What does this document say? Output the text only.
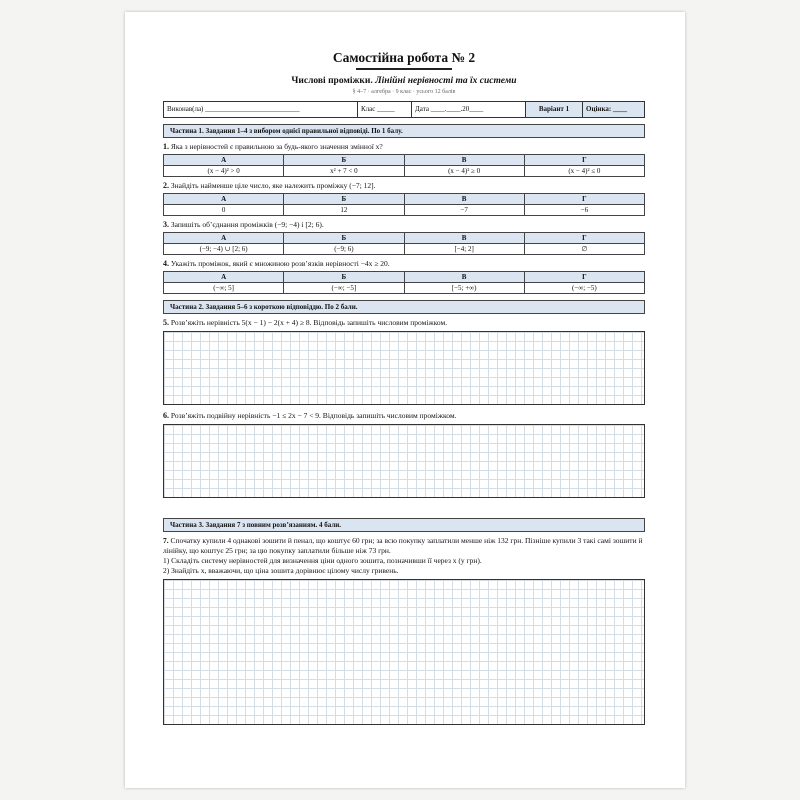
Самостійна робота № 2
Числові проміжки. Лінійні нерівності та їх системи
§ 4–7 · алгебра · 9 клас · усього 12 балів
Виконав(ла) ___________________________	Клас _____	Дата ____.____.20____	Варіант 1	Оцінка: ____
Частина 1. Завдання 1–4 з вибором однієї правильної відповіді. По 1 балу.
1. Яка з нерівностей є правильною за будь-якого значення змінної x?
А	Б	В	Г
(x − 4)² > 0	x² + 7 < 0	(x − 4)² ≥ 0	(x − 4)² ≤ 0
2. Знайдіть найменше ціле число, яке належить проміжку (−7; 12].
А	Б	В	Г
0	12	−7	−6
3. Запишіть об’єднання проміжків (−9; −4) і [2; 6).
А	Б	В	Г
(−9; −4) ∪ [2; 6)	(−9; 6)	[−4; 2]	∅
4. Укажіть проміжок, який є множиною розв’язків нерівності −4x ≥ 20.
А	Б	В	Г
(−∞; 5]	(−∞; −5]	[−5; +∞)	(−∞; −5)
Частина 2. Завдання 5–6 з короткою відповіддю. По 2 бали.
5. Розв’яжіть нерівність 5(x − 1) − 2(x + 4) ≥ 8. Відповідь запишіть числовим проміжком.
6. Розв’яжіть подвійну нерівність −1 ≤ 2x − 7 < 9. Відповідь запишіть числовим проміжком.
Частина 3. Завдання 7 з повним розв’язанням. 4 бали.

7. Спочатку купили 4 однакові зошити й пенал, що коштує 60 грн; за всю покупку заплатили менше ніж 132 грн. Пізніше купили 3 такі самі зошити й лінійку, що коштує 25 грн; за цю покупку заплатили більше ніж 73 грн.

1) Складіть систему нерівностей для визначення ціни одного зошита, позначивши її через x (у грн).

2) Знайдіть x, вважаючи, що ціна зошита дорівнює цілому числу гривень.
